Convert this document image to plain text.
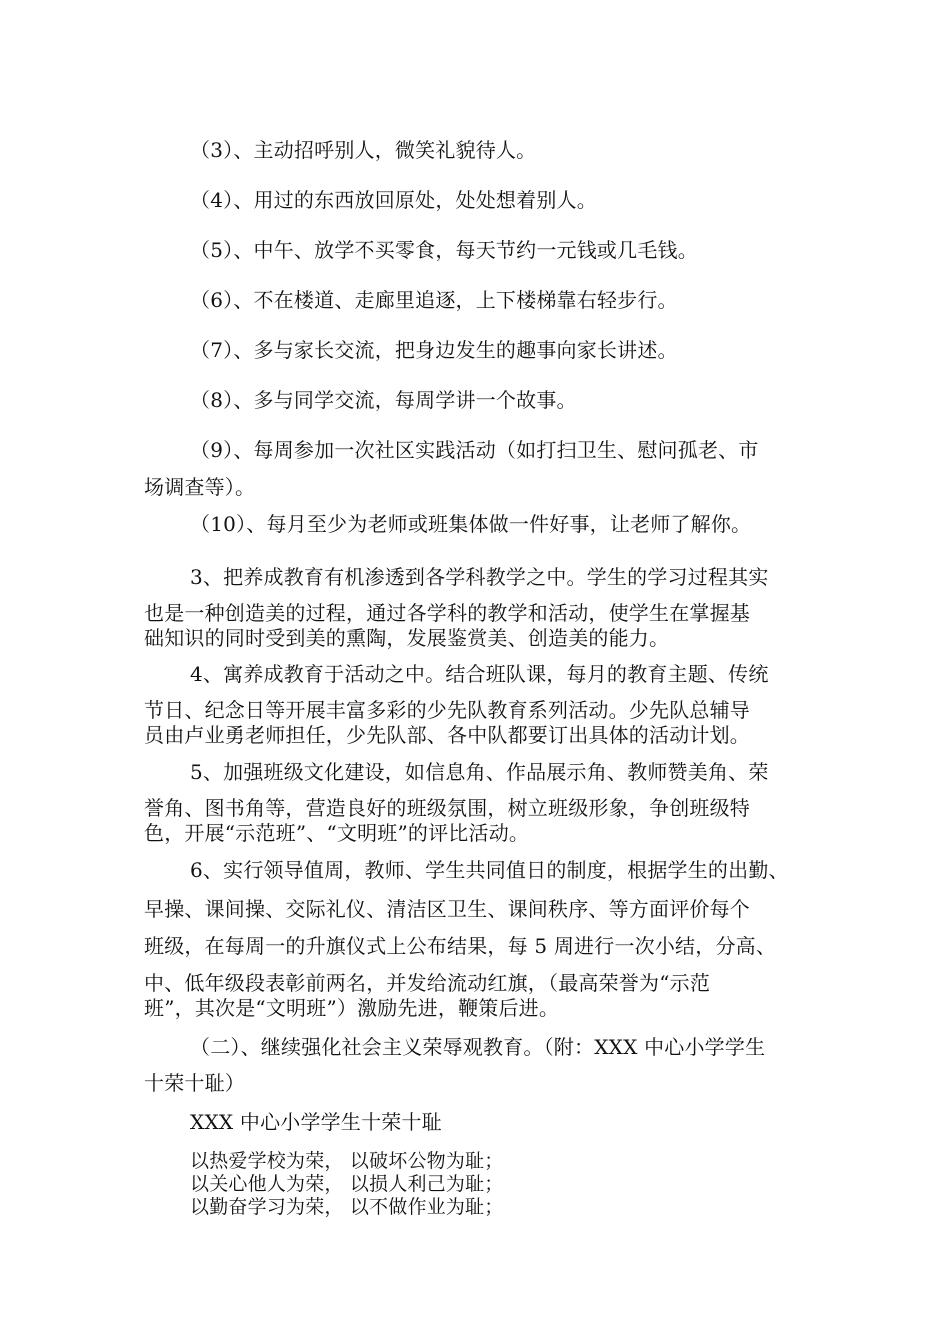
（3）、主动招呼别人，微笑礼貌待人。
（4）、用过的东西放回原处，处处想着别人。
（5）、中午、放学不买零食，每天节约一元钱或几毛钱。
（6）、不在楼道、走廊里追逐，上下楼梯靠右轻步行。
（7）、多与家长交流，把身边发生的趣事向家长讲述。
（8）、多与同学交流，每周学讲一个故事。
（9）、每周参加一次社区实践活动（如打扫卫生、慰问孤老、市
场调查等）。
（10）、每月至少为老师或班集体做一件好事，让老师了解你。
3、把养成教育有机渗透到各学科教学之中。学生的学习过程其实
也是一种创造美的过程，通过各学科的教学和活动，使学生在掌握基
础知识的同时受到美的熏陶，发展鉴赏美、创造美的能力。
4、寓养成教育于活动之中。结合班队课，每月的教育主题、传统
节日、纪念日等开展丰富多彩的少先队教育系列活动。少先队总辅导
员由卢业勇老师担任，少先队部、各中队都要订出具体的活动计划。
5、加强班级文化建设，如信息角、作品展示角、教师赞美角、荣
誉角、图书角等，营造良好的班级氛围，树立班级形象，争创班级特
色，开展“示范班”、“文明班”的评比活动。
6、实行领导值周，教师、学生共同值日的制度，根据学生的出勤、
早操、课间操、交际礼仪、清洁区卫生、课间秩序、等方面评价每个
班级，在每周一的升旗仪式上公布结果，每 5 周进行一次小结，分高、
中、低年级段表彰前两名，并发给流动红旗，（最高荣誉为“示范
班”，其次是“文明班”）激励先进，鞭策后进。
（二）、继续强化社会主义荣辱观教育。（附：XXX 中心小学学生
十荣十耻）
XXX 中心小学学生十荣十耻
以热爱学校为荣， 以破坏公物为耻；
以关心他人为荣， 以损人利己为耻；
以勤奋学习为荣， 以不做作业为耻；
